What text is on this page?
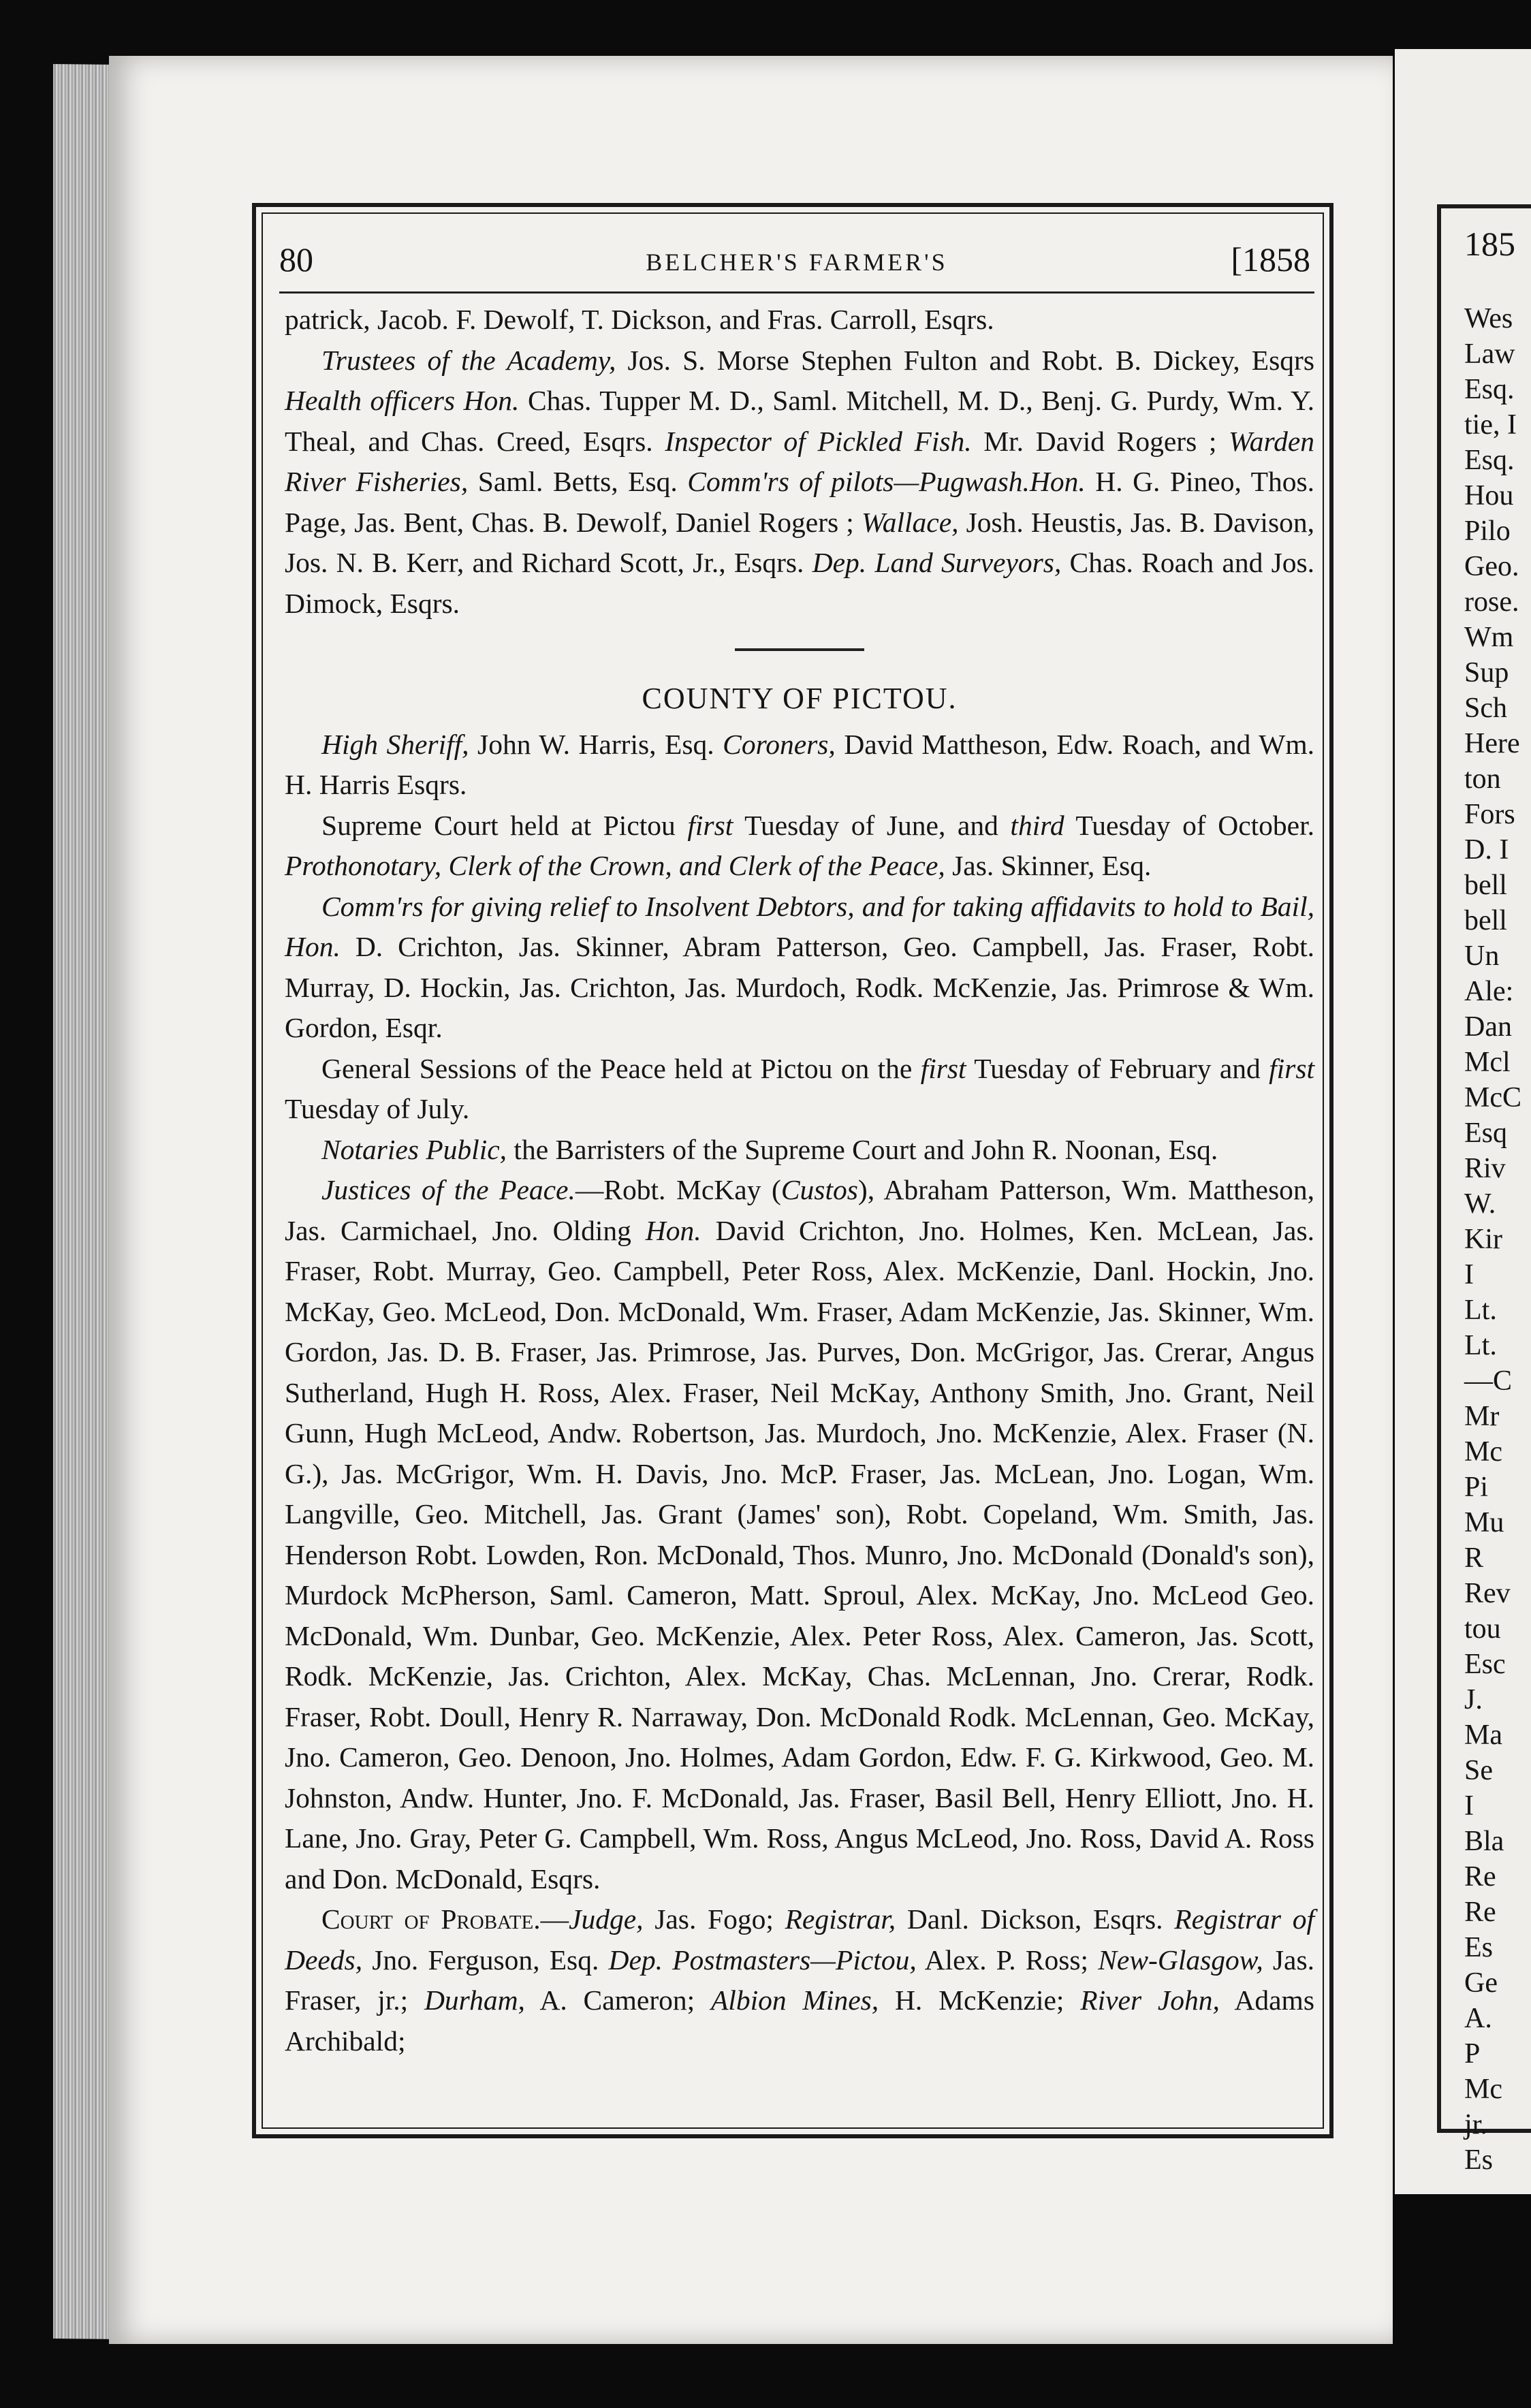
185
Wes
Law
Esq.
tie, I
Esq.
Hou
Pilo
Geo.
rose.
Wm
Sup
Sch
Here
ton
Fors
D. I
bell
bell
Un
Ale:
Dan
Mcl
McC
Esq
Riv
W.
Kir
I
Lt.
Lt.
—C
Mr
Mc
Pi
Mu
R
Rev
tou
Esc
J.
Ma
Se
I
Bla
Re
Re
Es
Ge
A.
P
Mc
jr.
Es
80	BELCHER'S FARMER'S	[1858

patrick, Jacob. F. Dewolf, T. Dickson, and Fras. Carroll, Esqrs.
Trustees of the Academy, Jos. S. Morse Stephen Fulton and Robt. B. Dickey, Esqrs Health officers Hon. Chas. Tupper M. D., Saml. Mitchell, M. D., Benj. G. Purdy, Wm. Y. Theal, and Chas. Creed, Esqrs. Inspector of Pickled Fish. Mr. David Rogers ; Warden River Fisheries, Saml. Betts, Esq. Comm'rs of pilots—Pugwash.Hon. H. G. Pineo, Thos. Page, Jas. Bent, Chas. B. Dewolf, Daniel Rogers ; Wallace, Josh. Heustis, Jas. B. Davison, Jos. N. B. Kerr, and Richard Scott, Jr., Esqrs. Dep. Land Surveyors, Chas. Roach and Jos. Dimock, Esqrs.

COUNTY OF PICTOU.

High Sheriff, John W. Harris, Esq. Coroners, David Mattheson, Edw. Roach, and Wm. H. Harris Esqrs.

Supreme Court held at Pictou first Tuesday of June, and third Tuesday of October. Prothonotary, Clerk of the Crown, and Clerk of the Peace, Jas. Skinner, Esq.

Comm'rs for giving relief to Insolvent Debtors, and for taking affidavits to hold to Bail, Hon. D. Crichton, Jas. Skinner, Abram Patterson, Geo. Campbell, Jas. Fraser, Robt. Murray, D. Hockin, Jas. Crichton, Jas. Murdoch, Rodk. McKenzie, Jas. Primrose & Wm. Gordon, Esqr.

General Sessions of the Peace held at Pictou on the first Tuesday of February and first Tuesday of July.

Notaries Public, the Barristers of the Supreme Court and John R. Noonan, Esq.

Justices of the Peace.—Robt. McKay (Custos), Abraham Patterson, Wm. Mattheson, Jas. Carmichael, Jno. Olding Hon. David Crichton, Jno. Holmes, Ken. McLean, Jas. Fraser, Robt. Murray, Geo. Campbell, Peter Ross, Alex. McKenzie, Danl. Hockin, Jno. McKay, Geo. McLeod, Don. McDonald, Wm. Fraser, Adam McKenzie, Jas. Skinner, Wm. Gordon, Jas. D. B. Fraser, Jas. Primrose, Jas. Purves, Don. McGrigor, Jas. Crerar, Angus Sutherland, Hugh H. Ross, Alex. Fraser, Neil McKay, Anthony Smith, Jno. Grant, Neil Gunn, Hugh McLeod, Andw. Robertson, Jas. Murdoch, Jno. McKenzie, Alex. Fraser (N. G.), Jas. McGrigor, Wm. H. Davis, Jno. McP. Fraser, Jas. McLean, Jno. Logan, Wm. Langville, Geo. Mitchell, Jas. Grant (James' son), Robt. Copeland, Wm. Smith, Jas. Henderson Robt. Lowden, Ron. McDonald, Thos. Munro, Jno. McDonald (Donald's son), Murdock McPherson, Saml. Cameron, Matt. Sproul, Alex. McKay, Jno. McLeod Geo. McDonald, Wm. Dunbar, Geo. McKenzie, Alex. Peter Ross, Alex. Cameron, Jas. Scott, Rodk. McKenzie, Jas. Crichton, Alex. McKay, Chas. McLennan, Jno. Crerar, Rodk. Fraser, Robt. Doull, Henry R. Narraway, Don. McDonald Rodk. McLennan, Geo. McKay, Jno. Cameron, Geo. Denoon, Jno. Holmes, Adam Gordon, Edw. F. G. Kirkwood, Geo. M. Johnston, Andw. Hunter, Jno. F. McDonald, Jas. Fraser, Basil Bell, Henry Elliott, Jno. H. Lane, Jno. Gray, Peter G. Campbell, Wm. Ross, Angus McLeod, Jno. Ross, David A. Ross and Don. McDonald, Esqrs.

Court of Probate.—Judge, Jas. Fogo; Registrar, Danl. Dickson, Esqrs. Registrar of Deeds, Jno. Ferguson, Esq. Dep. Postmasters—Pictou, Alex. P. Ross; New-Glasgow, Jas. Fraser, jr.; Durham, A. Cameron; Albion Mines, H. McKenzie; River John, Adams Archibald;
